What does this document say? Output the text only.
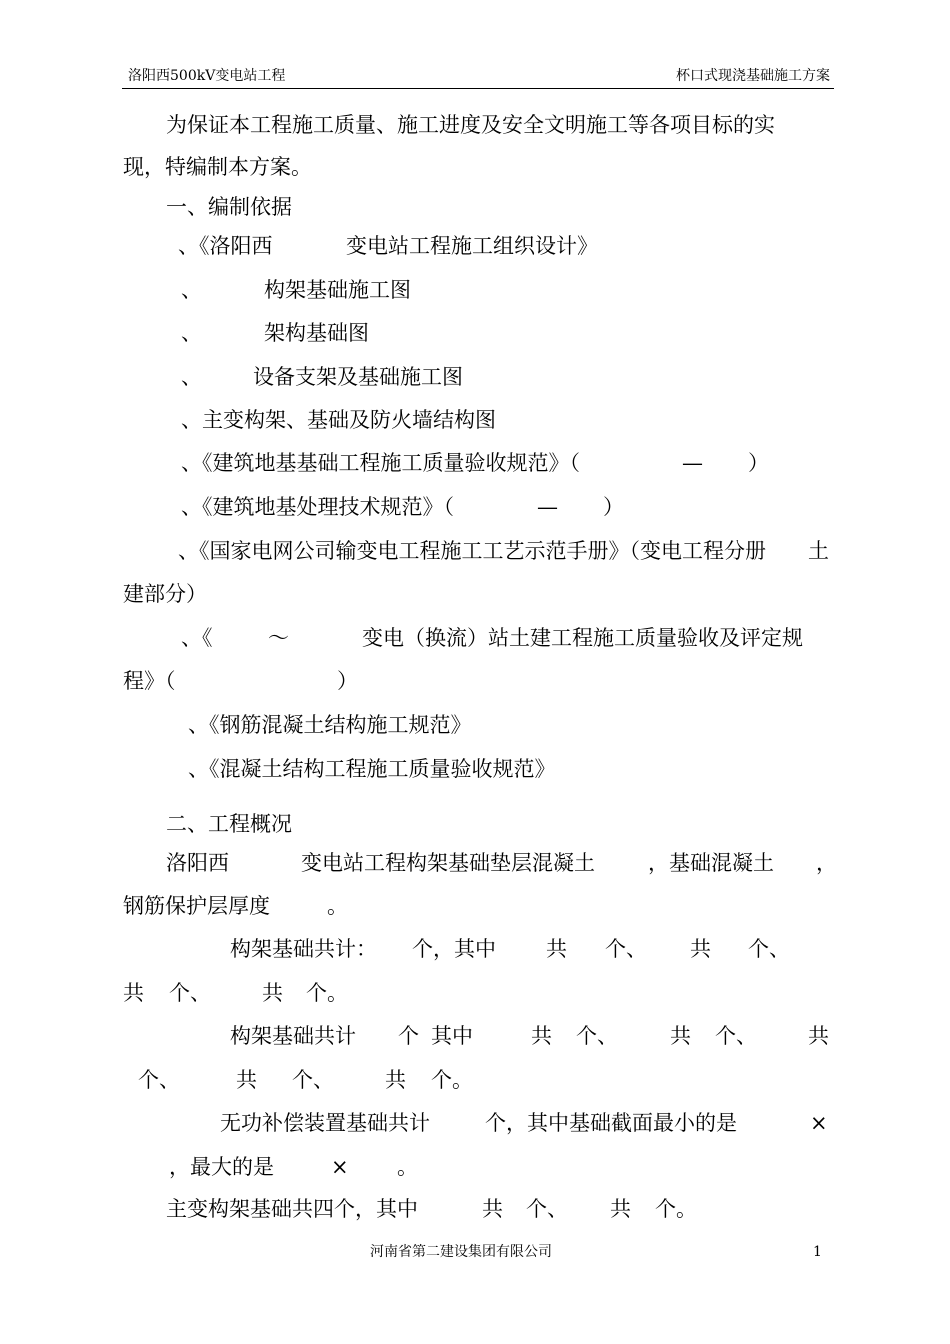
洛阳西500kV变电站工程	杯口式现浇基础施工方案
为保证本工程施工质量、施工进度及安全文明施工等各项目标的实
现，特编制本方案。
一、编制依据
、《洛阳西	变电站工程施工组织设计》
、	构架基础施工图
、	架构基础图
、 设备支架及基础施工图
、主变构架、基础及防火墙结构图
、《建筑地基基础工程施工质量验收规范》（	— ）
、《建筑地基处理技术规范》（	— ）
、《国家电网公司输变电工程施工工艺示范手册》（变电工程分册 土
建部分）
、《	～	变电（换流）站土建工程施工质量验收及评定规
程》（	）
、《钢筋混凝土结构施工规范》
、《混凝土结构工程施工质量验收规范》
二、工程概况
洛阳西	变电站工程构架基础垫层混凝土	，基础混凝土 ，
钢筋保护层厚度	。
构架基础共计： 个，其中 共 个、 共 个、
共 个、 共 个。
构架基础共计 个 其中	共 个、 共 个、 共
个、	共 个、 共 个。
无功补偿装置基础共计	个，其中基础截面最小的是	×
，最大的是	× 。
主变构架基础共四个，其中	共 个、 共 个。
河南省第二建设集团有限公司	1
